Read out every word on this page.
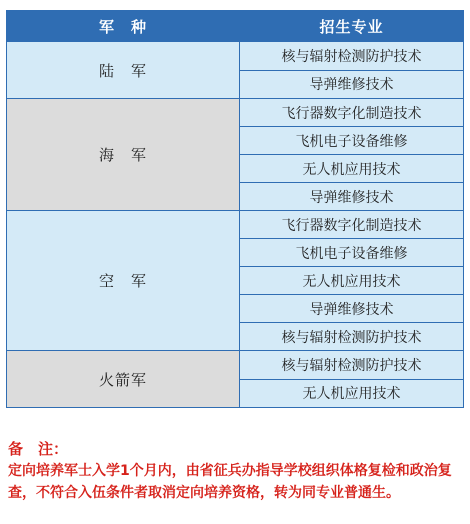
军　种	招生专业
陆　军	核与辐射检测防护技术
	导弹维修技术
海　军	飞行器数字化制造技术
	飞机电子设备维修
	无人机应用技术
	导弹维修技术
空　军	飞行器数字化制造技术
	飞机电子设备维修
	无人机应用技术
	导弹维修技术
	核与辐射检测防护技术
火箭军	核与辐射检测防护技术
	无人机应用技术
备　注：
定向培养军士入学1个月内，由省征兵办指导学校组织体格复检和政治复查，不符合入伍条件者取消定向培养资格，转为同专业普通生。
